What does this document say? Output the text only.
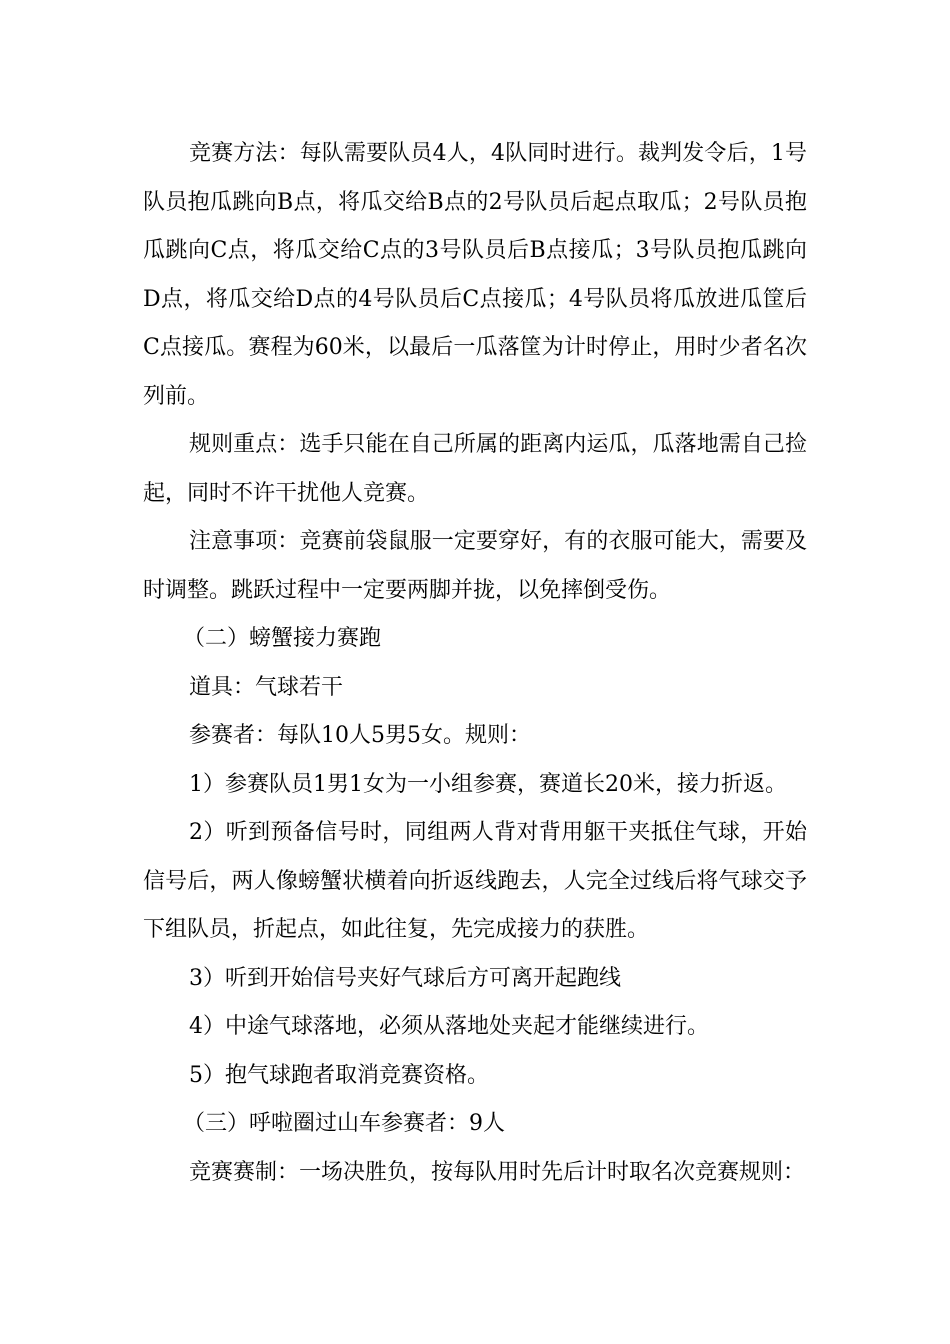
竞赛方法：每队需要队员4人，4队同时进行。裁判发令后，1号队员抱瓜跳向B点，将瓜交给B点的2号队员后起点取瓜；2号队员抱瓜跳向C点，将瓜交给C点的3号队员后B点接瓜；3号队员抱瓜跳向D点，将瓜交给D点的4号队员后C点接瓜；4号队员将瓜放进瓜筐后C点接瓜。赛程为60米，以最后一瓜落筐为计时停止，用时少者名次列前。

规则重点：选手只能在自己所属的距离内运瓜，瓜落地需自己捡起，同时不许干扰他人竞赛。

注意事项：竞赛前袋鼠服一定要穿好，有的衣服可能大，需要及时调整。跳跃过程中一定要两脚并拢，以免摔倒受伤。

（二）螃蟹接力赛跑

道具：气球若干

参赛者：每队10人5男5女。规则：

1）参赛队员1男1女为一小组参赛，赛道长20米，接力折返。

2）听到预备信号时，同组两人背对背用躯干夹抵住气球，开始信号后，两人像螃蟹状横着向折返线跑去，人完全过线后将气球交予下组队员，折起点，如此往复，先完成接力的获胜。

3）听到开始信号夹好气球后方可离开起跑线

4）中途气球落地，必须从落地处夹起才能继续进行。

5）抱气球跑者取消竞赛资格。

（三）呼啦圈过山车参赛者：9人

竞赛赛制：一场决胜负，按每队用时先后计时取名次竞赛规则：
